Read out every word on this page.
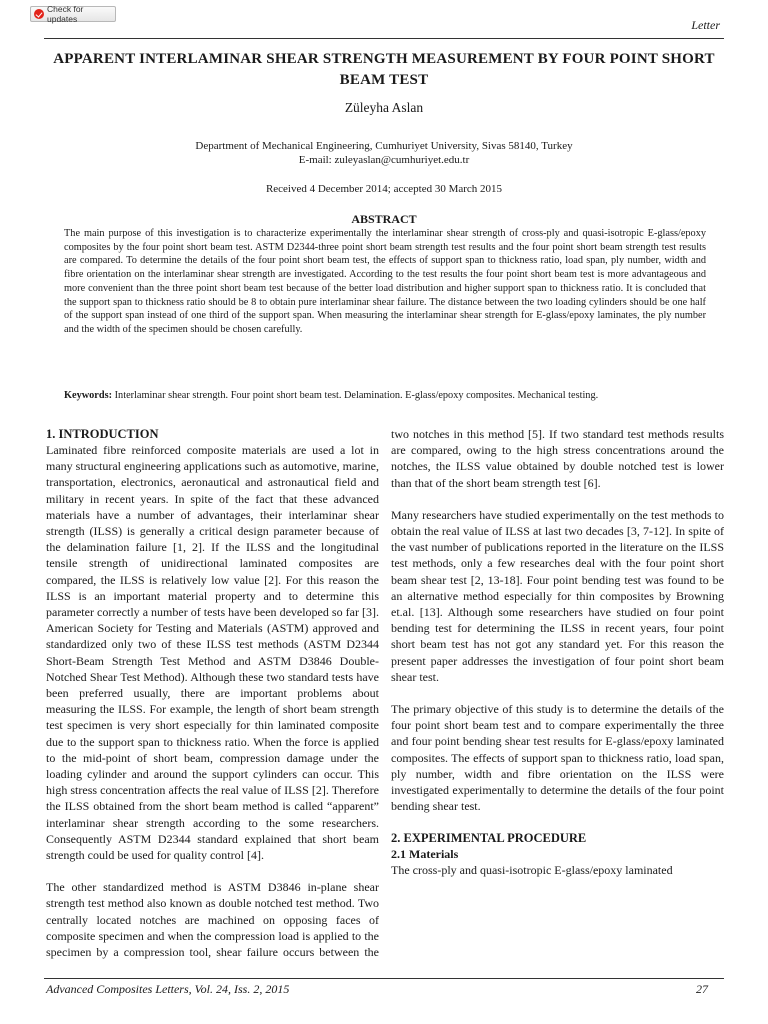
Check for updates	Letter
APPARENT INTERLAMINAR SHEAR STRENGTH MEASUREMENT BY FOUR POINT SHORT BEAM TEST
Züleyha Aslan
Department of Mechanical Engineering, Cumhuriyet University, Sivas 58140, Turkey
E-mail: zuleyaslan@cumhuriyet.edu.tr
Received 4 December 2014; accepted 30 March 2015
ABSTRACT
The main purpose of this investigation is to characterize experimentally the interlaminar shear strength of cross-ply and quasi-isotropic E-glass/epoxy composites by the four point short beam test. ASTM D2344-three point short beam strength test results and the four point short beam strength test results are compared. To determine the details of the four point short beam test, the effects of support span to thickness ratio, load span, ply number, width and fibre orientation on the interlaminar shear strength are investigated. According to the test results the four point short beam test is more advantageous and more convenient than the three point short beam test because of the better load distribution and higher support span to thickness ratio. It is concluded that the support span to thickness ratio should be 8 to obtain pure interlaminar shear failure. The distance between the two loading cylinders should be one half of the support span instead of one third of the support span. When measuring the interlaminar shear strength for E-glass/epoxy laminates, the ply number and the width of the specimen should be chosen carefully.
Keywords: Interlaminar shear strength. Four point short beam test. Delamination. E-glass/epoxy composites. Mechanical testing.
1. INTRODUCTION

Laminated fibre reinforced composite materials are used a lot in many structural engineering applications such as automotive, marine, transportation, electronics, aeronautical and astronautical field and military in recent years. In spite of the fact that these advanced materials have a number of advantages, their interlaminar shear strength (ILSS) is generally a critical design parameter because of the delamination failure [1, 2]. If the ILSS and the longitudinal tensile strength of unidirectional laminated composites are compared, the ILSS is relatively low value [2]. For this reason the ILSS is an important material property and to determine this parameter correctly a number of tests have been developed so far [3]. American Society for Testing and Materials (ASTM) approved and standardized only two of these ILSS test methods (ASTM D2344 Short-Beam Strength Test Method and ASTM D3846 Double-Notched Shear Test Method). Although these two standard tests have been preferred usually, there are important problems about measuring the ILSS. For example, the length of short beam strength test specimen is very short especially for thin laminated composite due to the support span to thickness ratio. When the force is applied to the mid-point of short beam, compression damage under the loading cylinder and around the support cylinders can occur. This high stress concentration affects the real value of ILSS [2]. Therefore the ILSS obtained from the short beam method is called “apparent” interlaminar shear strength according to the some researchers. Consequently ASTM D2344 standard explained that short beam strength could be used for quality control [4].

The other standardized method is ASTM D3846 in-plane shear strength test method also known as double notched test method. Two centrally located notches are machined on opposing faces of composite specimen and when the compression load is applied to the specimen by a compression tool, shear failure occurs between the

two notches in this method [5]. If two standard test methods results are compared, owing to the high stress concentrations around the notches, the ILSS value obtained by double notched test is lower than that of the short beam strength test [6].

Many researchers have studied experimentally on the test methods to obtain the real value of ILSS at last two decades [3, 7-12]. In spite of the vast number of publications reported in the literature on the ILSS test methods, only a few researches deal with the four point short beam shear test [2, 13-18]. Four point bending test was found to be an alternative method especially for thin composites by Browning et.al. [13]. Although some researchers have studied on four point bending test for determining the ILSS in recent years, four point short beam test has not got any standard yet. For this reason the present paper addresses the investigation of four point short beam shear test.

The primary objective of this study is to determine the details of the four point short beam test and to compare experimentally the three and four point bending shear test results for E-glass/epoxy laminated composites. The effects of support span to thickness ratio, load span, ply number, width and fibre orientation on the ILSS were investigated experimentally to determine the details of the four point bending shear test.

2. EXPERIMENTAL PROCEDURE
2.1 Materials

The cross-ply and quasi-isotropic E-glass/epoxy laminated

Advanced Composites Letters, Vol. 24, Iss. 2, 2015	27
